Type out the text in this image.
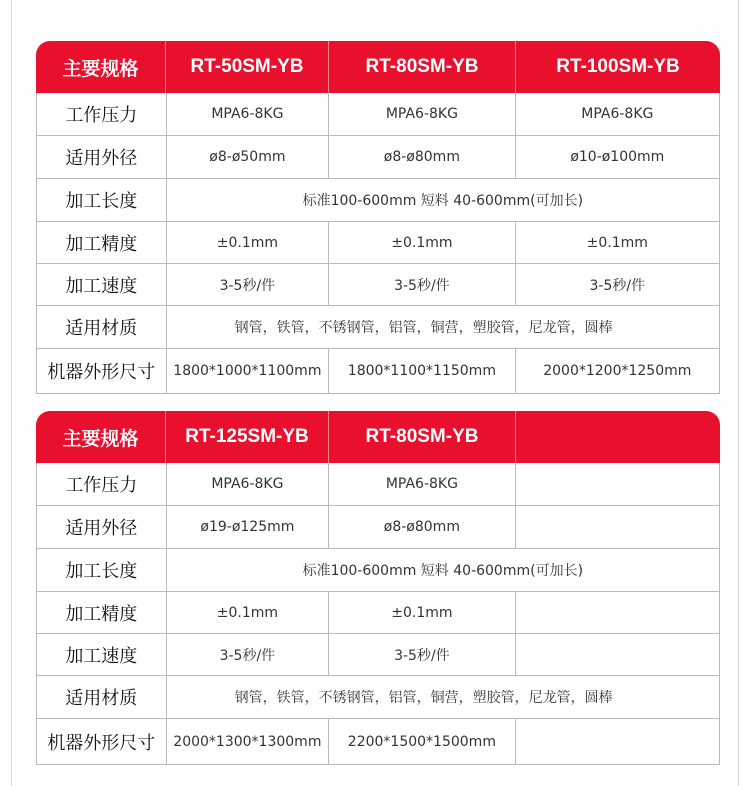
主要规格	RT-50SM-YB	RT-80SM-YB	RT-100SM-YB
工作压力	MPA6-8KG	MPA6-8KG	MPA6-8KG
适用外径	ø8-ø50mm	ø8-ø80mm	ø10-ø100mm
加工长度	标准100-600mm 短料 40-600mm(可加长)
加工精度	±0.1mm	±0.1mm	±0.1mm
加工速度	3-5秒/件	3-5秒/件	3-5秒/件
适用材质	钢管，铁管，不锈钢管，铝管，铜营，塑胶管，尼龙管，圆棒
机器外形尺寸	1800*1000*1100mm	1800*1100*1150mm	2000*1200*1250mm
主要规格	RT-125SM-YB	RT-80SM-YB
工作压力	MPA6-8KG	MPA6-8KG
适用外径	ø19-ø125mm	ø8-ø80mm
加工长度	标准100-600mm 短料 40-600mm(可加长)
加工精度	±0.1mm	±0.1mm
加工速度	3-5秒/件	3-5秒/件
适用材质	钢管，铁管，不锈钢管，铝管，铜营，塑胶管，尼龙管，圆棒
机器外形尺寸	2000*1300*1300mm	2200*1500*1500mm
